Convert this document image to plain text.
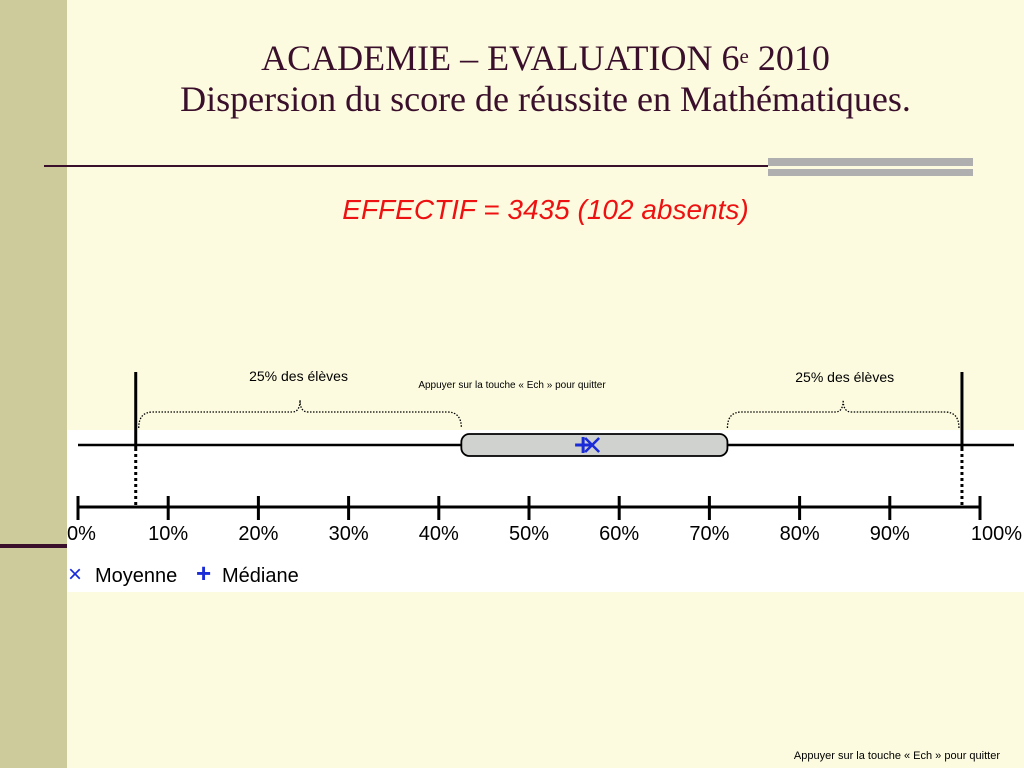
ACADEMIE – EVALUATION 6e 2010
Dispersion du score de réussite en Mathématiques.
EFFECTIF = 3435 (102 absents)
0%	10%	20%	30%	40%	50%	60%	70%	80%	90%	100%
25% des élèves	25% des élèves
Appuyer sur la touche « Ech » pour quitter
× Moyenne + Médiane
Appuyer sur la touche « Ech » pour quitter
